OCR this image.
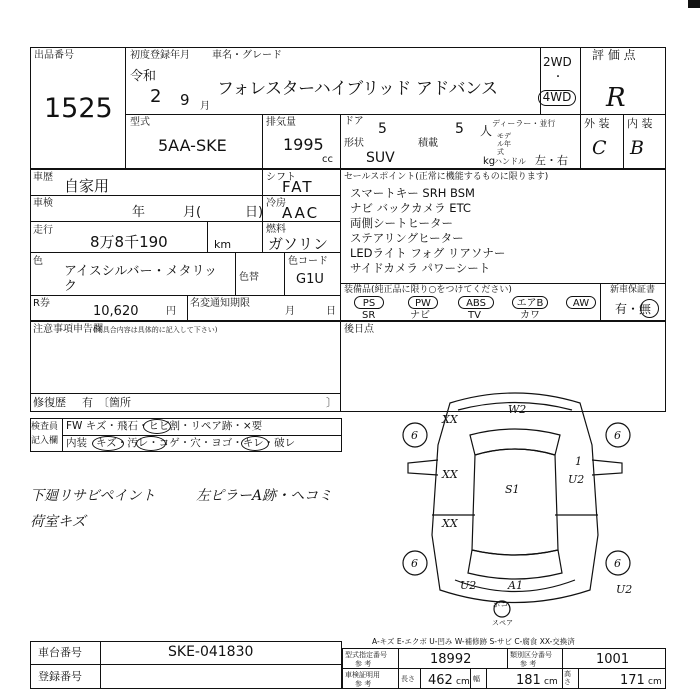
出品番号
1525
初度登録年月 車名・グレード
令和
2 9 月
フォレスターハイブリッド アドバンス
2WD
・
4WD
評 価 点
R
型式
5AA-SKE
排気量
1995
cc
ドア 5	5 人
ディーラー・並行
モデル年式
形状
SUV
積載
kg
ハンドル 左・右
外 装 内 装
C B
車歴 自家用	シフト
FAT
車検
年	月(	日)
冷房
AAC
走行
8万8千190	km
燃料
ガソリン
色
アイスシルバー・メタリッ
ク
色替
色コード
G1U
R券
10,620	円
名変通知期限
月	日
セールスポイント(正常に機能するものに限ります)
スマートキー SRH BSM
ナビ バックカメラ ETC
両側シートヒーター
ステアリングヒーター
LEDライト フォグ リアソナー
サイドカメラ パワーシート
装備品(純正品に限り○をつけてください)
PS	PW	ABS	エアB	AW
SR	ナビ	TV	カワ
新車保証書
有・無
注意事項申告欄
(不具合内容は具体的に記入して下さい)	後日点
修復歴 有 〔箇所	〕
検査員
記入欄
FW キズ・飛石・ヒビ割・リペア跡・×要
内装 キズ・汚レ・コゲ・穴・ヨゴ・キレ・破レ
下廻リサビペイント	左ピラーA跡・ヘコミ
荷室キズ
XX
W2
6	6
XX
S1
1
XX
U2
A1
6	6
U2	U2
ボコ
スペア
A-キズ E-エクボ U-凹み W-補修跡 S-サビ C-腐食 XX-交換済
車台番号	SKE-041830
登録番号
型式指定番号
参 考	18992	類別区分番号
参 考	1001
車検証明用
参 考
長さ 462 cm 幅	181 cm
高さ	171 cm
